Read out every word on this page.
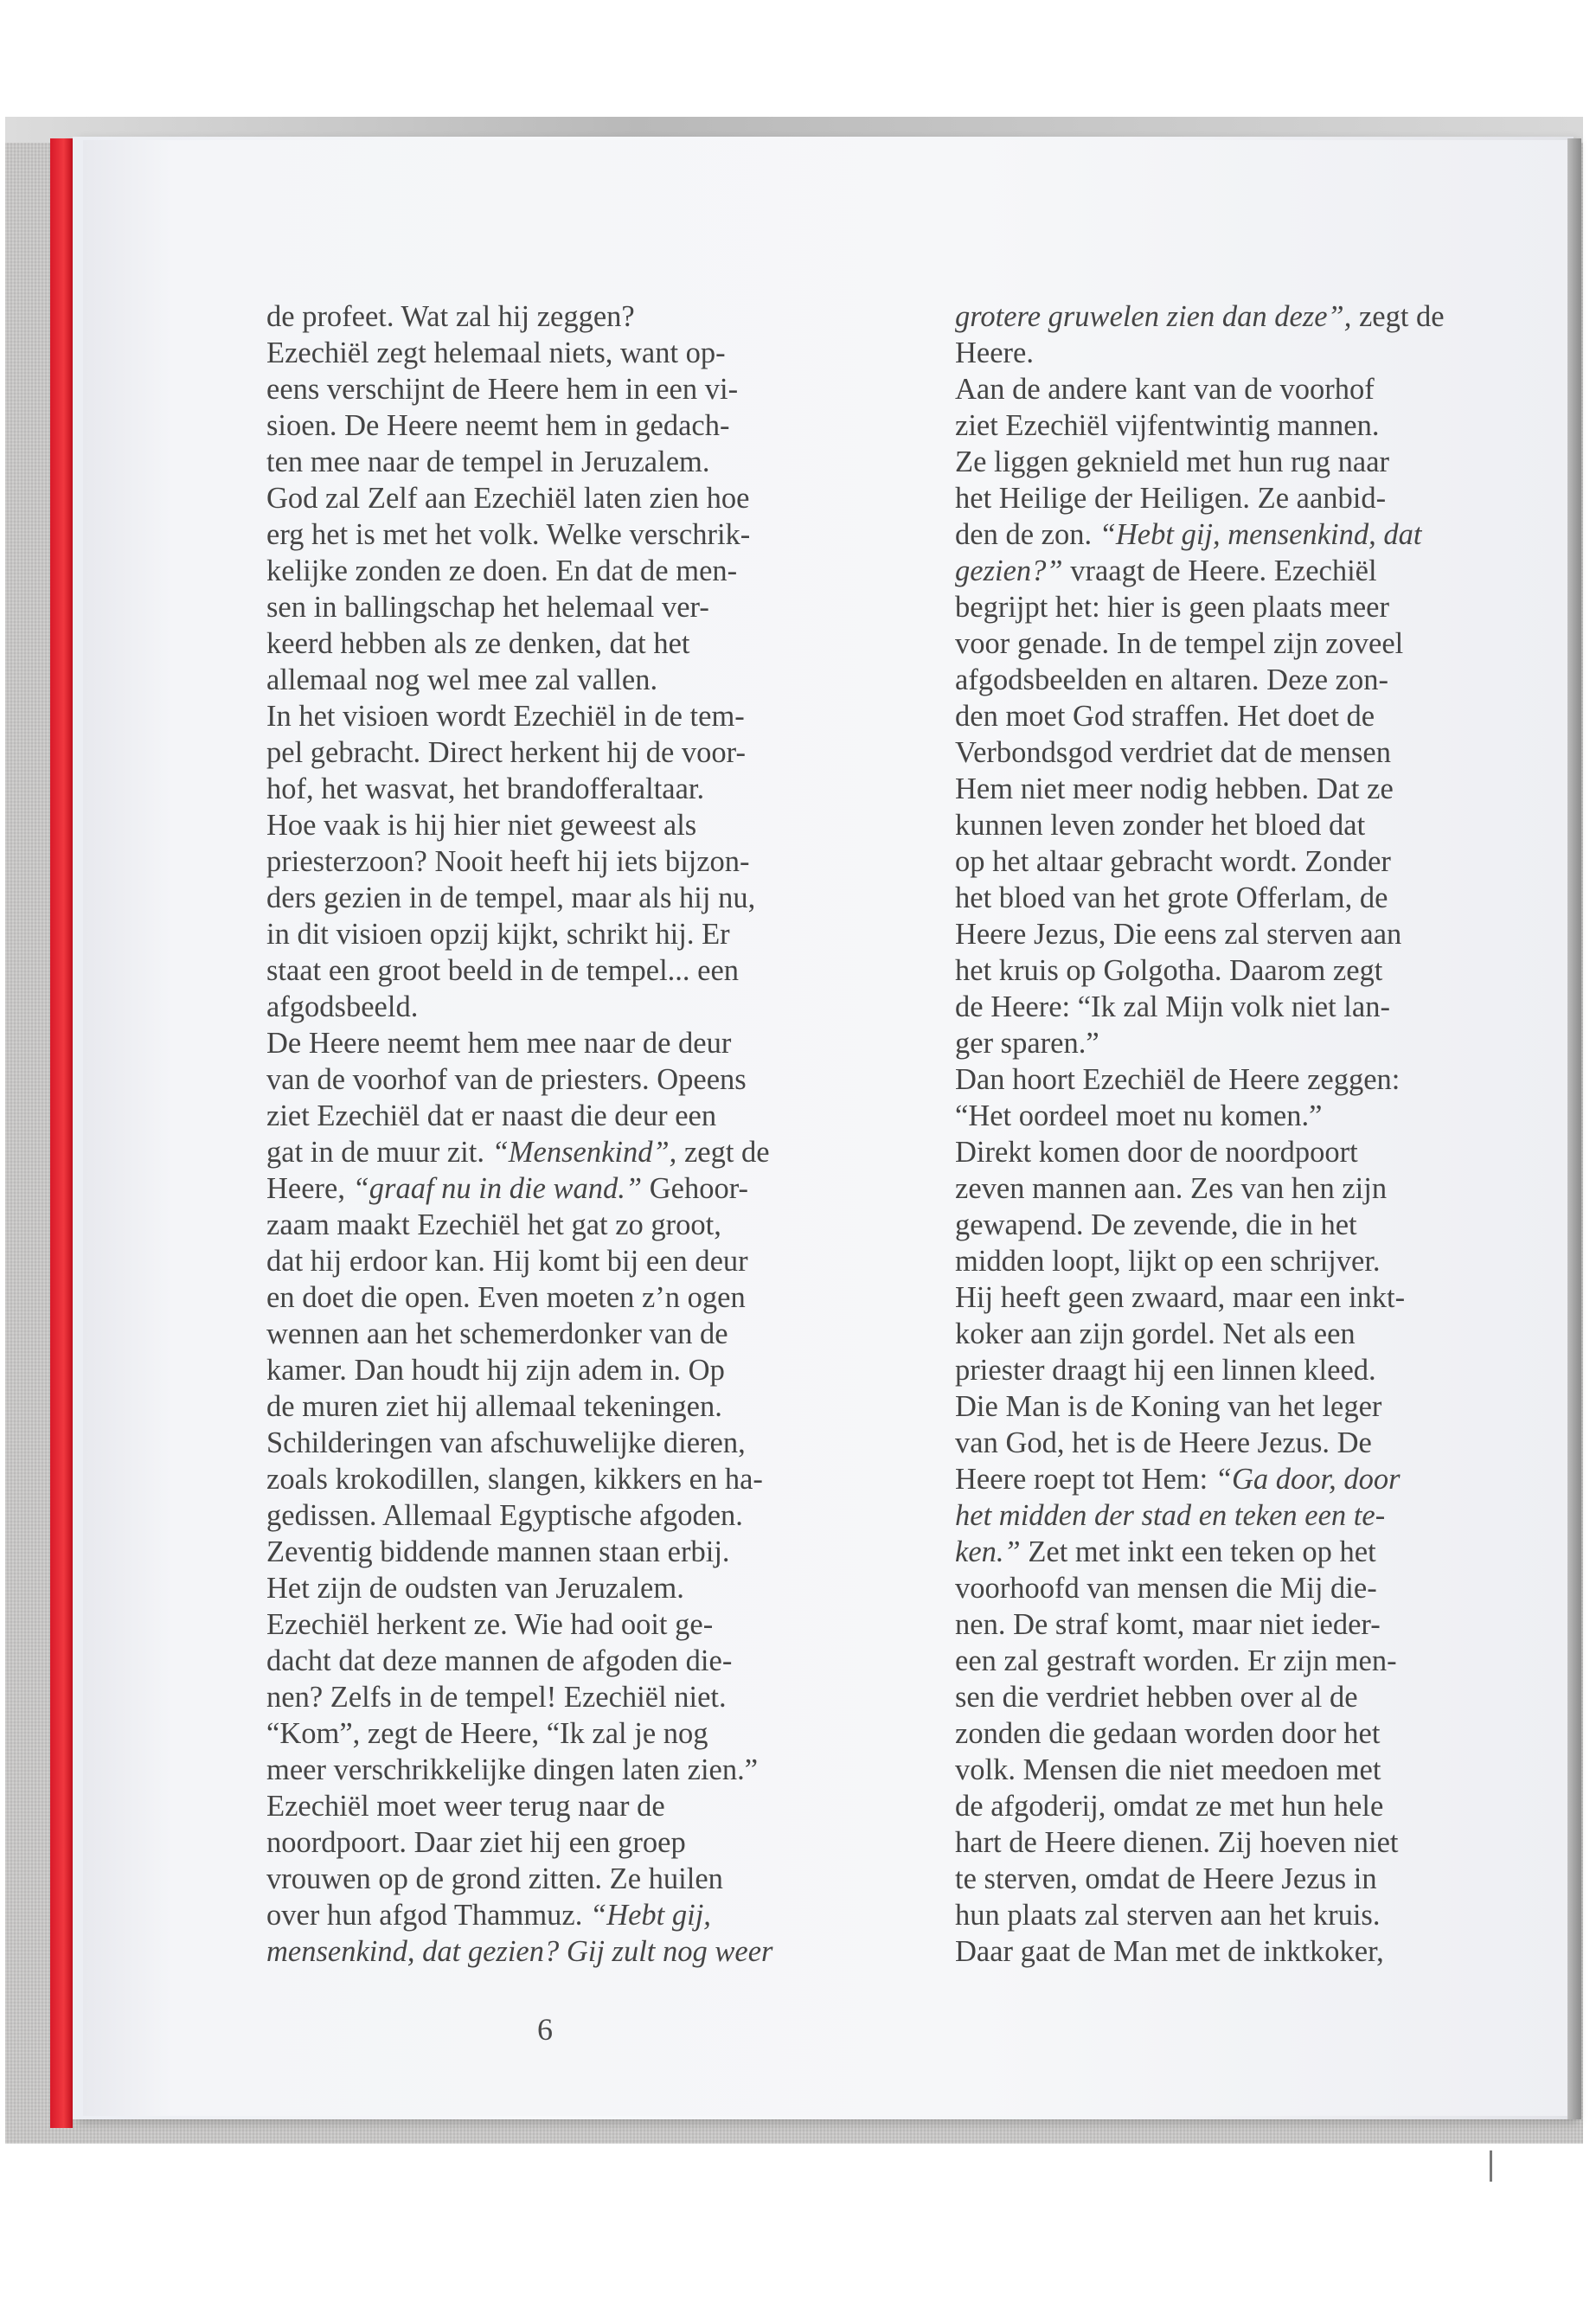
de profeet. Wat zal hij zeggen?
Ezechiël zegt helemaal niets, want op-
eens verschijnt de Heere hem in een vi-
sioen. De Heere neemt hem in gedach-
ten mee naar de tempel in Jeruzalem.
God zal Zelf aan Ezechiël laten zien hoe
erg het is met het volk. Welke verschrik-
kelijke zonden ze doen. En dat de men-
sen in ballingschap het helemaal ver-
keerd hebben als ze denken, dat het
allemaal nog wel mee zal vallen.
In het visioen wordt Ezechiël in de tem-
pel gebracht. Direct herkent hij de voor-
hof, het wasvat, het brandofferaltaar.
Hoe vaak is hij hier niet geweest als
priesterzoon? Nooit heeft hij iets bijzon-
ders gezien in de tempel, maar als hij nu,
in dit visioen opzij kijkt, schrikt hij. Er
staat een groot beeld in de tempel... een
afgodsbeeld.
De Heere neemt hem mee naar de deur
van de voorhof van de priesters. Opeens
ziet Ezechiël dat er naast die deur een
gat in de muur zit. “Mensenkind”, zegt de
Heere, “graaf nu in die wand.” Gehoor-
zaam maakt Ezechiël het gat zo groot,
dat hij erdoor kan. Hij komt bij een deur
en doet die open. Even moeten z’n ogen
wennen aan het schemerdonker van de
kamer. Dan houdt hij zijn adem in. Op
de muren ziet hij allemaal tekeningen.
Schilderingen van afschuwelijke dieren,
zoals krokodillen, slangen, kikkers en ha-
gedissen. Allemaal Egyptische afgoden.
Zeventig biddende mannen staan erbij.
Het zijn de oudsten van Jeruzalem.
Ezechiël herkent ze. Wie had ooit ge-
dacht dat deze mannen de afgoden die-
nen? Zelfs in de tempel! Ezechiël niet.
“Kom”, zegt de Heere, “Ik zal je nog
meer verschrikkelijke dingen laten zien.”
Ezechiël moet weer terug naar de
noordpoort. Daar ziet hij een groep
vrouwen op de grond zitten. Ze huilen
over hun afgod Thammuz. “Hebt gij,
mensenkind, dat gezien? Gij zult nog weer

grotere gruwelen zien dan deze”, zegt de
Heere.
Aan de andere kant van de voorhof
ziet Ezechiël vijfentwintig mannen.
Ze liggen geknield met hun rug naar
het Heilige der Heiligen. Ze aanbid-
den de zon. “Hebt gij, mensenkind, dat
gezien?” vraagt de Heere. Ezechiël
begrijpt het: hier is geen plaats meer
voor genade. In de tempel zijn zoveel
afgodsbeelden en altaren. Deze zon-
den moet God straffen. Het doet de
Verbondsgod verdriet dat de mensen
Hem niet meer nodig hebben. Dat ze
kunnen leven zonder het bloed dat
op het altaar gebracht wordt. Zonder
het bloed van het grote Offerlam, de
Heere Jezus, Die eens zal sterven aan
het kruis op Golgotha. Daarom zegt
de Heere: “Ik zal Mijn volk niet lan-
ger sparen.”
Dan hoort Ezechiël de Heere zeggen:
“Het oordeel moet nu komen.”
Direkt komen door de noordpoort
zeven mannen aan. Zes van hen zijn
gewapend. De zevende, die in het
midden loopt, lijkt op een schrijver.
Hij heeft geen zwaard, maar een inkt-
koker aan zijn gordel. Net als een
priester draagt hij een linnen kleed.
Die Man is de Koning van het leger
van God, het is de Heere Jezus. De
Heere roept tot Hem: “Ga door, door
het midden der stad en teken een te-
ken.” Zet met inkt een teken op het
voorhoofd van mensen die Mij die-
nen. De straf komt, maar niet ieder-
een zal gestraft worden. Er zijn men-
sen die verdriet hebben over al de
zonden die gedaan worden door het
volk. Mensen die niet meedoen met
de afgoderij, omdat ze met hun hele
hart de Heere dienen. Zij hoeven niet
te sterven, omdat de Heere Jezus in
hun plaats zal sterven aan het kruis.
Daar gaat de Man met de inktkoker,

6
